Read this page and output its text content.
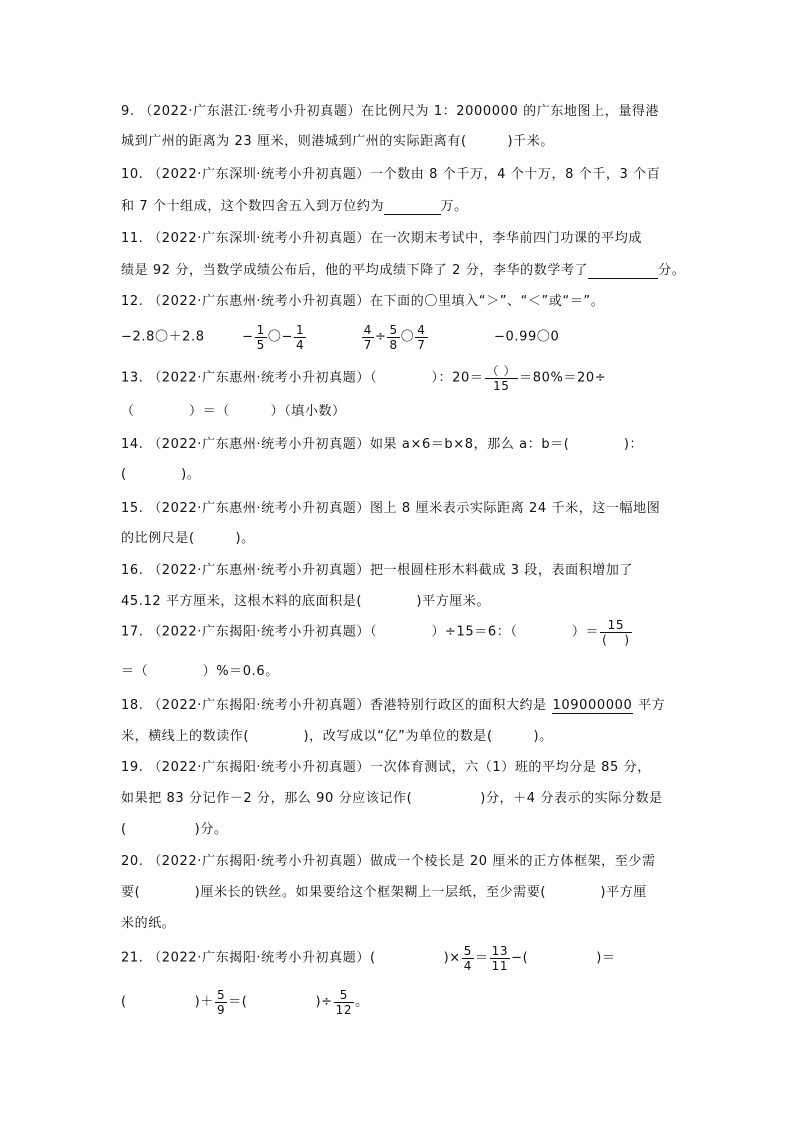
9. （2022·广东湛江·统考小升初真题）在比例尺为 1：2000000 的广东地图上，量得港
城到广州的距离为 23 厘米，则港城到广州的实际距离有(　　　)千米。
10. （2022·广东深圳·统考小升初真题）一个数由 8 个千万，4 个十万，8 个千，3 个百
和 7 个十组成，这个数四舍五入到万位约为　　　　	万。
11. （2022·广东深圳·统考小升初真题）在一次期末考试中，李华前四门功课的平均成
绩是 92 分，当数学成绩公布后，他的平均成绩下降了 2 分，李华的数学考了　　　　　	分。
12. （2022·广东惠州·统考小升初真题）在下面的〇里填入“＞”、“＜”或“＝”。
−2.8〇＋2.8	− $\frac{1}{5}$ 〇− $\frac{1}{4}$
	$\frac{4}{7} \div \frac{5}{8}$ 〇 $\frac{4}{7}$	−0.99〇0
13. （2022·广东惠州·统考小升初真题）（　　　　）：$20= \frac{( )}{15} =80\%=20\div$
（　　　　）＝（　　　）（填小数）
14. （2022·广东惠州·统考小升初真题）如果 a×6＝b×8，那么 a：b＝(　　　　)：
(　　　　)。
15. （2022·广东惠州·统考小升初真题）图上 8 厘米表示实际距离 24 千米，这一幅地图
的比例尺是(　　　)。
16. （2022·广东惠州·统考小升初真题）把一根圆柱形木料截成 3 段，表面积增加了
45.12 平方厘米，这根木料的底面积是(　　　　)平方厘米。
17. （2022·广东揭阳·统考小升初真题）（　　　　）÷15＝6：（　　　　）＝ $\frac{15}{( )}$
＝（　　　　）%＝0.6。
18. （2022·广东揭阳·统考小升初真题）香港特别行政区的面积大约是 109000000 平方
米，横线上的数读作(　　　　)，改写成以“亿”为单位的数是(　　　)。
19. （2022·广东揭阳·统考小升初真题）一次体育测试，六（1）班的平均分是 85 分，
如果把 83 分记作－2 分，那么 90 分应该记作(　　　　　)分，＋4 分表示的实际分数是
(　　　　　)分。
20. （2022·广东揭阳·统考小升初真题）做成一个棱长是 20 厘米的正方体框架，至少需
要(　　　　)厘米长的铁丝。如果要给这个框架糊上一层纸，至少需要(　　　　)平方厘
米的纸。
21. （2022·广东揭阳·统考小升初真题）(　　　　　)× $\frac{5}{4} = \frac{13}{11}$ −(　　　　　)＝
(　　　　　)＋ $\frac{5}{9}$ ＝(　　　　　)÷ $\frac{5}{12}$ 。
